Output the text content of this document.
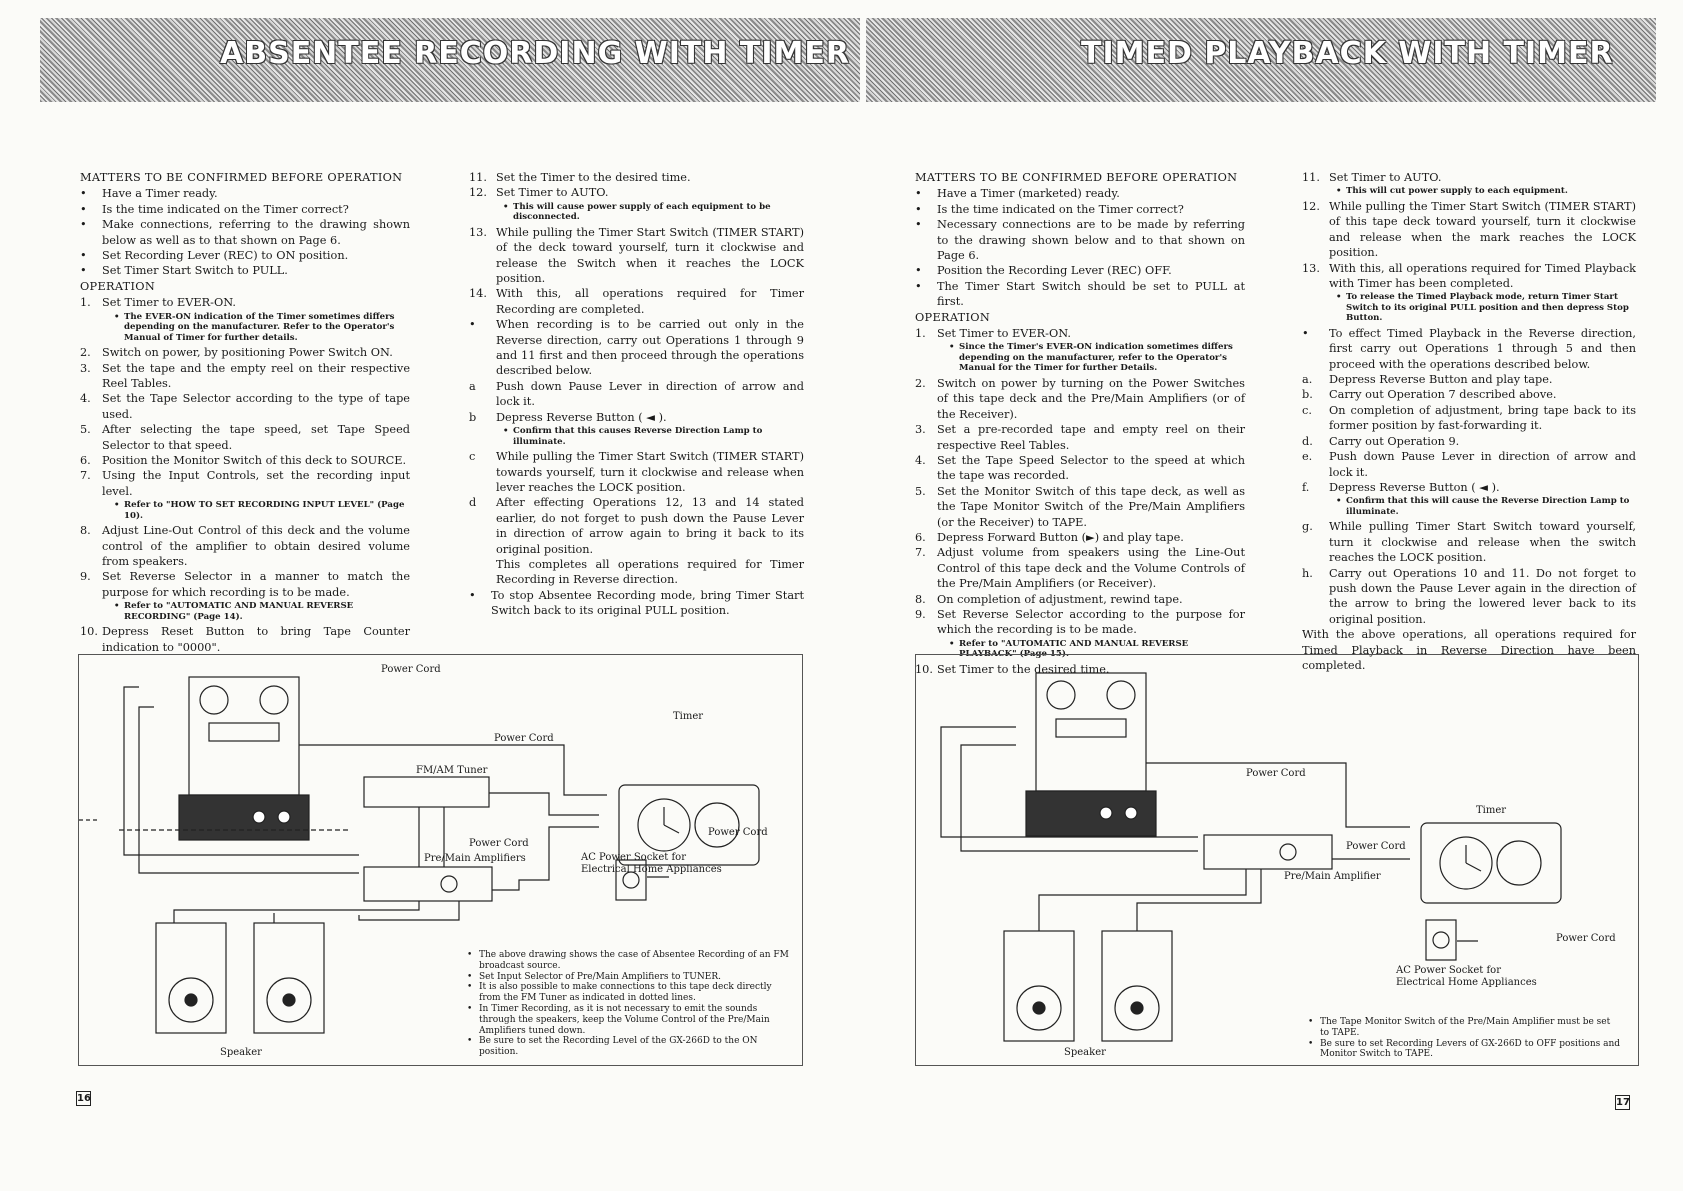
ABSENTEE RECORDING WITH TIMER	TIMED PLAYBACK WITH TIMER
MATTERS TO BE CONFIRMED BEFORE OPERATION
•	Have a Timer ready.
•	Is the time indicated on the Timer correct?
•	Make connections, referring to the drawing shown below as well as to that shown on Page 6.
•	Set Recording Lever (REC) to ON position.
•	Set Timer Start Switch to PULL.
OPERATION
1. Set Timer to EVER-ON.
• The EVER-ON indication of the Timer sometimes differs depending on the manufacturer. Refer to the Operator's Manual of Timer for further details.
2. Switch on power, by positioning Power Switch ON.
3. Set the tape and the empty reel on their respective Reel Tables.
4. Set the Tape Selector according to the type of tape used.
5. After selecting the tape speed, set Tape Speed Selector to that speed.
6. Position the Monitor Switch of this deck to SOURCE.
7. Using the Input Controls, set the recording input level.
• Refer to "HOW TO SET RECORDING INPUT LEVEL" (Page 10).
8. Adjust Line-Out Control of this deck and the volume control of the amplifier to obtain desired volume from speakers.
9. Set Reverse Selector in a manner to match the purpose for which recording is to be made.
• Refer to "AUTOMATIC AND MANUAL REVERSE RECORDING" (Page 14).
10. Depress Reset Button to bring Tape Counter indication to "0000".
11. Set the Timer to the desired time.
12. Set Timer to AUTO.
• This will cause power supply of each equipment to be disconnected.
13. While pulling the Timer Start Switch (TIMER START) of the deck toward yourself, turn it clockwise and release the Switch when it reaches the LOCK position.
14. With this, all operations required for Timer Recording are completed.
•	When recording is to be carried out only in the Reverse direction, carry out Operations 1 through 9 and 11 first and then proceed through the operations described below.
a	Push down Pause Lever in direction of arrow and lock it.
b	Depress Reverse Button ( ◄ ).
• Confirm that this causes Reverse Direction Lamp to illuminate.
c	While pulling the Timer Start Switch (TIMER START) towards yourself, turn it clockwise and release when lever reaches the LOCK position.
d	After effecting Operations 12, 13 and 14 stated earlier, do not forget to push down the Pause Lever in direction of arrow again to bring it back to its original position.
This completes all operations required for Timer Recording in Reverse direction.
•	To stop Absentee Recording mode, bring Timer Start Switch back to its original PULL position.
MATTERS TO BE CONFIRMED BEFORE OPERATION
•	Have a Timer (marketed) ready.
•	Is the time indicated on the Timer correct?
•	Necessary connections are to be made by referring to the drawing shown below and to that shown on Page 6.
•	Position the Recording Lever (REC) OFF.
•	The Timer Start Switch should be set to PULL at first.
OPERATION
1. Set Timer to EVER-ON.
• Since the Timer's EVER-ON indication sometimes differs depending on the manufacturer, refer to the Operator's Manual for the Timer for further Details.
2. Switch on power by turning on the Power Switches of this tape deck and the Pre/Main Amplifiers (or of the Receiver).
3. Set a pre-recorded tape and empty reel on their respective Reel Tables.
4. Set the Tape Speed Selector to the speed at which the tape was recorded.
5. Set the Monitor Switch of this tape deck, as well as the Tape Monitor Switch of the Pre/Main Amplifiers (or the Receiver) to TAPE.
6. Depress Forward Button (►) and play tape.
7. Adjust volume from speakers using the Line-Out Control of this tape deck and the Volume Controls of the Pre/Main Amplifiers (or Receiver).
8. On completion of adjustment, rewind tape.
9. Set Reverse Selector according to the purpose for which the recording is to be made.
• Refer to "AUTOMATIC AND MANUAL REVERSE PLAYBACK" (Page 15).
10. Set Timer to the desired time.
11. Set Timer to AUTO.
• This will cut power supply to each equipment.
12. While pulling the Timer Start Switch (TIMER START) of this tape deck toward yourself, turn it clockwise and release when the mark reaches the LOCK position.
13. With this, all operations required for Timed Playback with Timer has been completed.
• To release the Timed Playback mode, return Timer Start Switch to its original PULL position and then depress Stop Button.
•	To effect Timed Playback in the Reverse direction, first carry out Operations 1 through 5 and then proceed with the operations described below.
a.	Depress Reverse Button and play tape.
b.	Carry out Operation 7 described above.
c.	On completion of adjustment, bring tape back to its former position by fast-forwarding it.
d.	Carry out Operation 9.
e.	Push down Pause Lever in direction of arrow and lock it.
f.	Depress Reverse Button ( ◄ ).
• Confirm that this will cause the Reverse Direction Lamp to illuminate.
g.	While pulling Timer Start Switch toward yourself, turn it clockwise and release when the switch reaches the LOCK position.
h.	Carry out Operations 10 and 11. Do not forget to push down the Pause Lever again in the direction of the arrow to bring the lowered lever back to its original position.
With the above operations, all operations required for Timed Playback in Reverse Direction have been completed.
Power Cord
Timer
Power Cord
FM/AM Tuner
Power Cord
Power Cord
Pre/Main Amplifiers	AC Power Socket for
Electrical Home Appliances
Speaker
• The above drawing shows the case of Absentee Recording of an FM broadcast source.
• Set Input Selector of Pre/Main Amplifiers to TUNER.
• It is also possible to make connections to this tape deck directly from the FM Tuner as indicated in dotted lines.
• In Timer Recording, as it is not necessary to emit the sounds through the speakers, keep the Volume Control of the Pre/Main Amplifiers tuned down.
• Be sure to set the Recording Level of the GX-266D to the ON position.
Power Cord
Timer
Power Cord
Pre/Main Amplifier
Power Cord
AC Power Socket for
Electrical Home Appliances
Speaker
• The Tape Monitor Switch of the Pre/Main Amplifier must be set to TAPE.
• Be sure to set Recording Levers of GX-266D to OFF positions and Monitor Switch to TAPE.
16	17
